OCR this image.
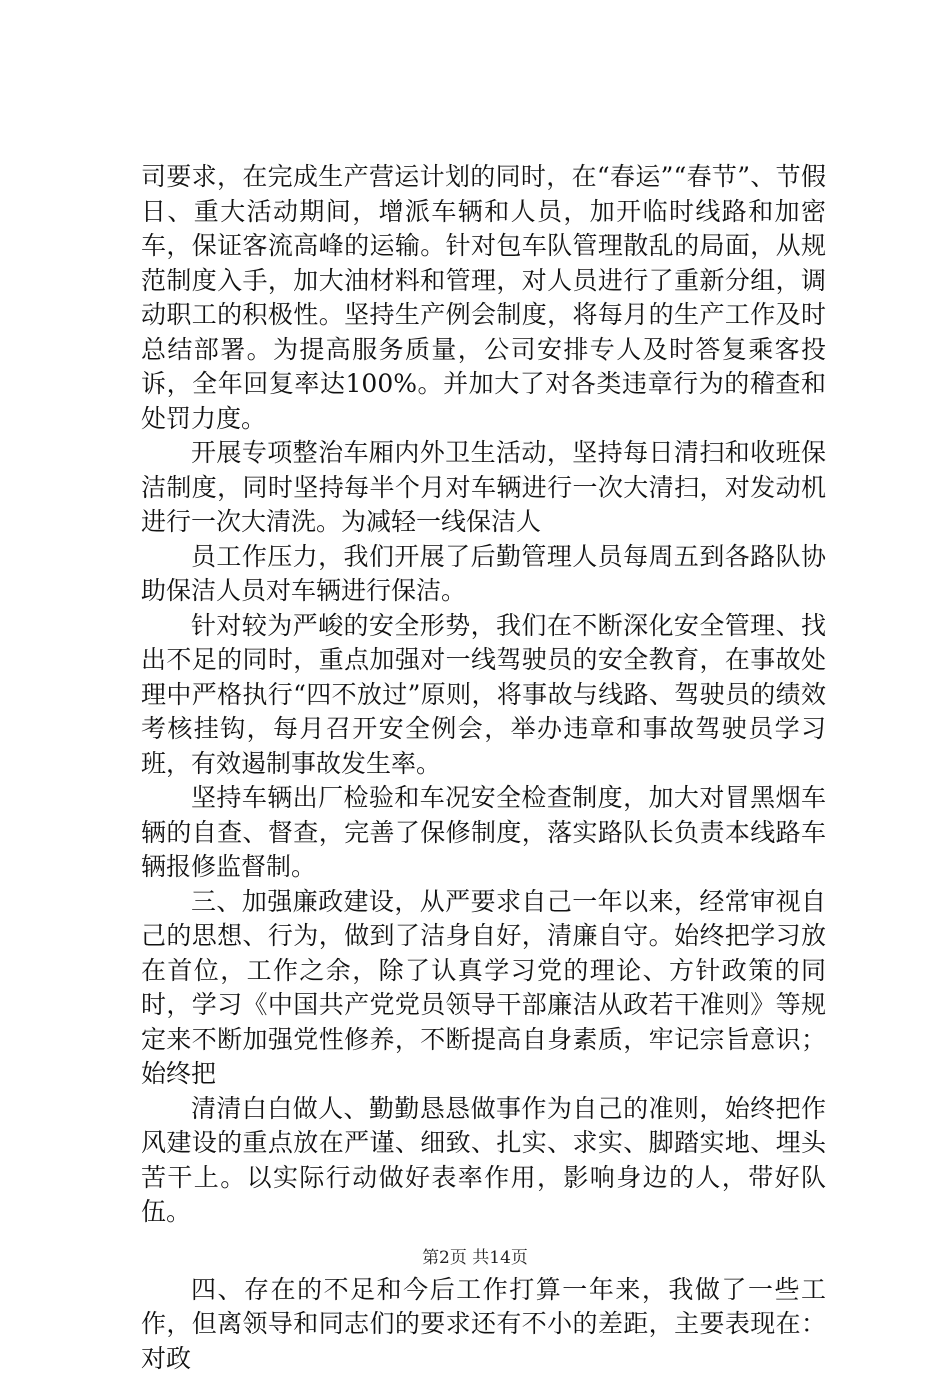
司要求，在完成生产营运计划的同时，在“春运”“春节”、节假日、重大活动期间，增派车辆和人员，加开临时线路和加密车，保证客流高峰的运输。针对包车队管理散乱的局面，从规范制度入手，加大油材料和管理，对人员进行了重新分组，调动职工的积极性。坚持生产例会制度，将每月的生产工作及时总结部署。为提高服务质量，公司安排专人及时答复乘客投诉，全年回复率达100%。并加大了对各类违章行为的稽查和处罚力度。

开展专项整治车厢内外卫生活动，坚持每日清扫和收班保洁制度，同时坚持每半个月对车辆进行一次大清扫，对发动机进行一次大清洗。为减轻一线保洁人

员工作压力，我们开展了后勤管理人员每周五到各路队协助保洁人员对车辆进行保洁。

针对较为严峻的安全形势，我们在不断深化安全管理、找出不足的同时，重点加强对一线驾驶员的安全教育，在事故处理中严格执行“四不放过”原则，将事故与线路、驾驶员的绩效考核挂钩，每月召开安全例会，举办违章和事故驾驶员学习班，有效遏制事故发生率。

坚持车辆出厂检验和车况安全检查制度，加大对冒黑烟车辆的自查、督查，完善了保修制度，落实路队长负责本线路车辆报修监督制。

三、加强廉政建设，从严要求自己一年以来，经常审视自己的思想、行为，做到了洁身自好，清廉自守。始终把学习放在首位，工作之余，除了认真学习党的理论、方针政策的同时，学习《中国共产党党员领导干部廉洁从政若干准则》等规定来不断加强党性修养，不断提高自身素质，牢记宗旨意识；始终把

清清白白做人、勤勤恳恳做事作为自己的准则，始终把作风建设的重点放在严谨、细致、扎实、求实、脚踏实地、埋头苦干上。以实际行动做好表率作用，影响身边的人，带好队伍。

四、存在的不足和今后工作打算一年来，我做了一些工作，但离领导和同志们的要求还有不小的差距，主要表现在：对政

第2页 共14页
